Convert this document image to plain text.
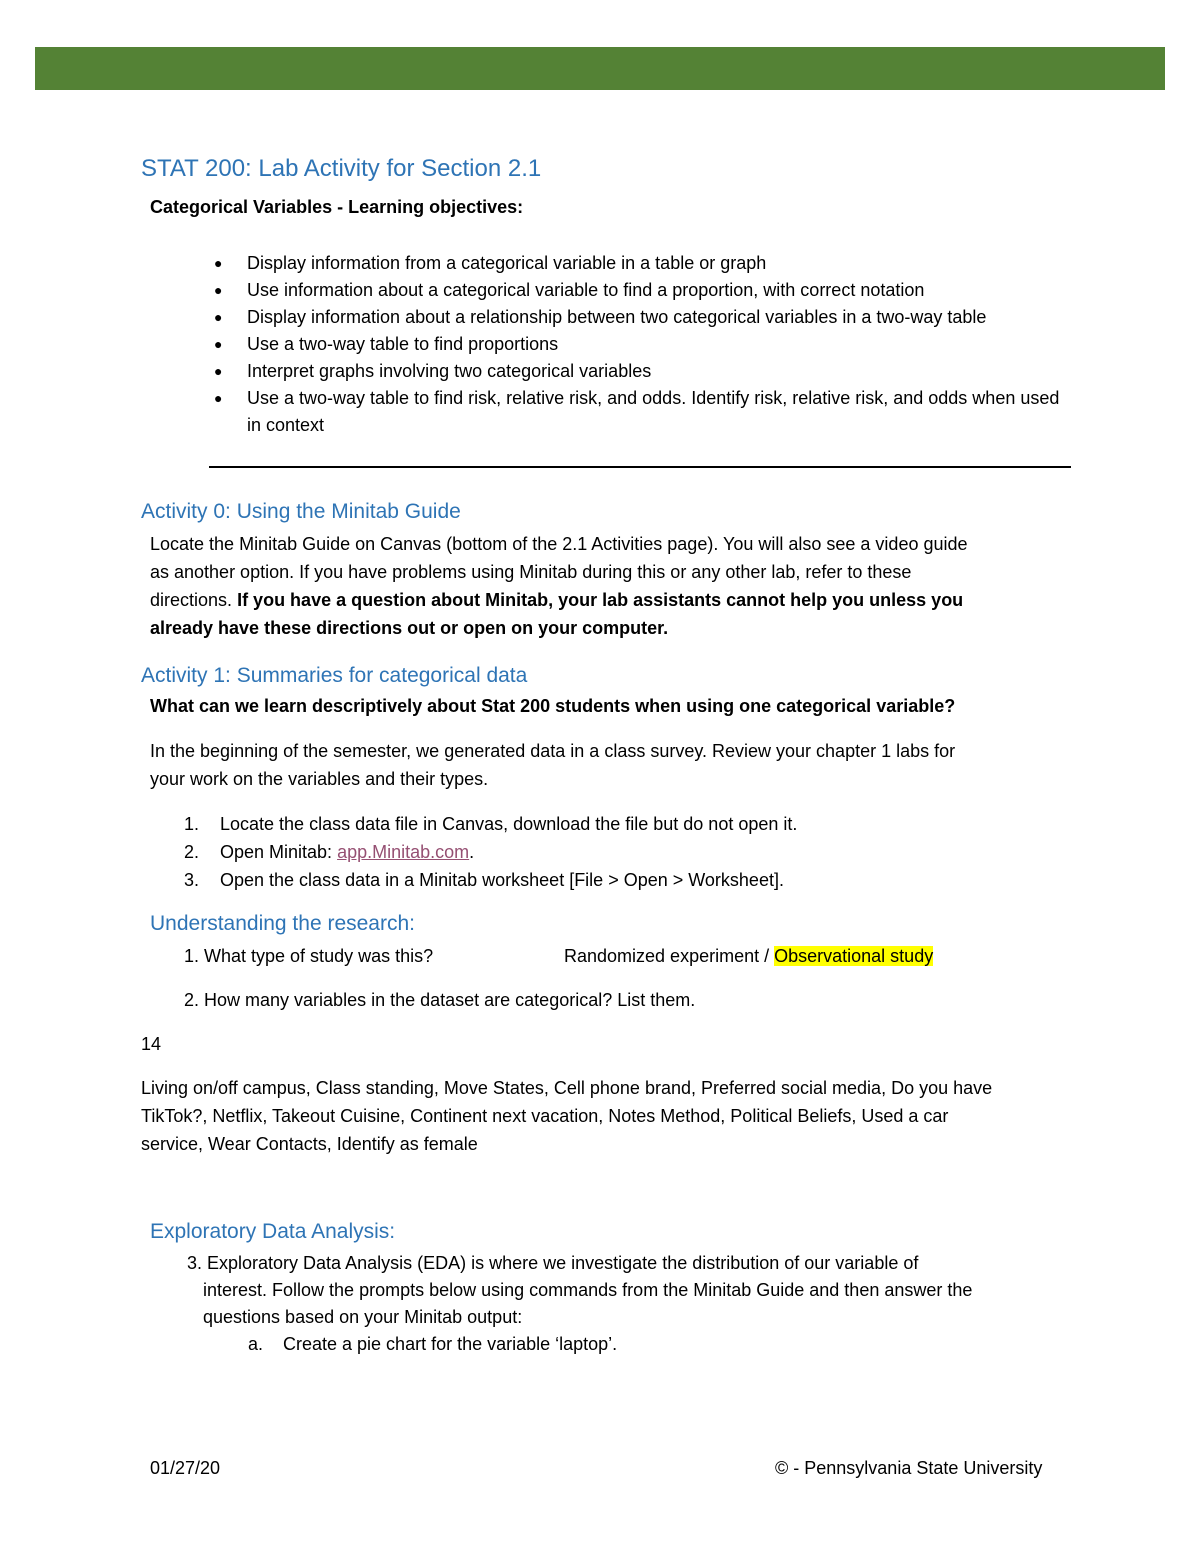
STAT 200: Lab Activity for Section 2.1
Categorical Variables - Learning objectives:
● Display information from a categorical variable in a table or graph
● Use information about a categorical variable to find a proportion, with correct notation
● Display information about a relationship between two categorical variables in a two-way table
● Use a two-way table to find proportions
● Interpret graphs involving two categorical variables
● Use a two-way table to find risk, relative risk, and odds. Identify risk, relative risk, and odds when used in context
Activity 0: Using the Minitab Guide
Locate the Minitab Guide on Canvas (bottom of the 2.1 Activities page). You will also see a video guide
as another option. If you have problems using Minitab during this or any other lab, refer to these
directions. If you have a question about Minitab, your lab assistants cannot help you unless you
already have these directions out or open on your computer.
Activity 1: Summaries for categorical data
What can we learn descriptively about Stat 200 students when using one categorical variable?
In the beginning of the semester, we generated data in a class survey. Review your chapter 1 labs for
your work on the variables and their types.
1. Locate the class data file in Canvas, download the file but do not open it.
2. Open Minitab: app.Minitab.com.
3. Open the class data in a Minitab worksheet [File > Open > Worksheet].
Understanding the research:
1. What type of study was this?	Randomized experiment / Observational study
2. How many variables in the dataset are categorical? List them.
14
Living on/off campus, Class standing, Move States, Cell phone brand, Preferred social media, Do you have
TikTok?, Netflix, Takeout Cuisine, Continent next vacation, Notes Method, Political Beliefs, Used a car
service, Wear Contacts, Identify as female
Exploratory Data Analysis:
3. Exploratory Data Analysis (EDA) is where we investigate the distribution of our variable of
interest. Follow the prompts below using commands from the Minitab Guide and then answer the
questions based on your Minitab output:
a. Create a pie chart for the variable ‘laptop’.
01/27/20	© - Pennsylvania State University
